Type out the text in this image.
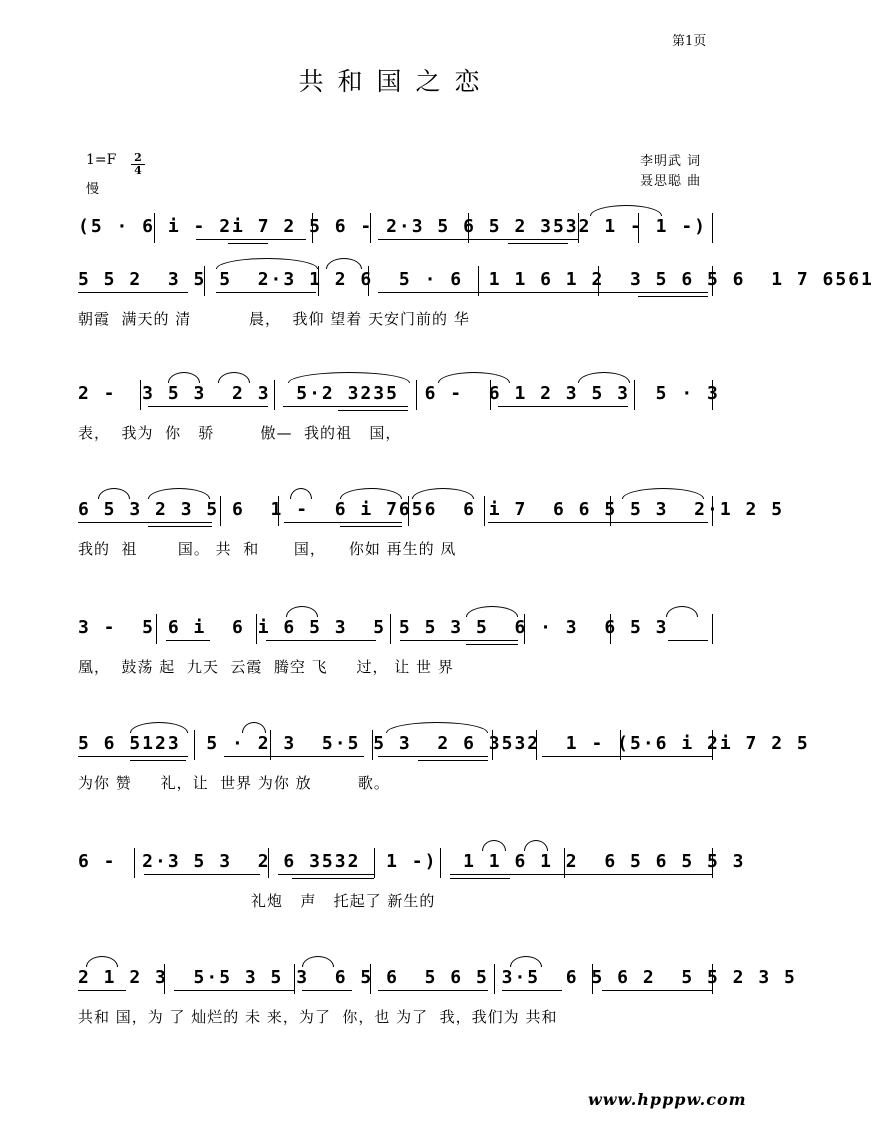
第1页
共和国之恋
$1=F \frac{2}{4}$
慢
李明武 词
聂思聪 曲
(5 · 6 i - 2i 7 2 5 6 - 2·3 5 6 5 2 3532 1 - 1 -)
5 5 2  3 5 5  2·3 1 2 6  5 · 6  1 1 6 1 2  3 5 6 5 6  1 7 6561
朝霞  满天的 清          晨，  我仰 望着 天安门前的 华
2 -  3 5 3  2 3  5·2 3235  6 -  6 1 2 3 5 3  5 · 3
表，  我为  你   骄        傲—  我的祖   国，
6 5 3 2 3 5 6  1 -  6 i 7656  6 i 7  6 6 5 5 3  2·1 2 5
我的  祖       国。 共  和      国，    你如 再生的 凤
3 -  5 6 i  6 i 6 5 3  5 5 5 3 5  6 · 3  6 5 3
凰，  鼓荡 起  九天  云霞  腾空 飞     过， 让 世 界
5 6 5123  5 · 2 3  5·5 5 3  2 6 3532  1 - (5·6 i 2i 7 2 5
为你 赞     礼，让  世界 为你 放        歌。
6 -  2·3 5 3  2 6 3532  1 -)  1 1 6 1 2  6 5 6 5 5 3
礼炮   声   托起了 新生的
2 1 2 3  5·5 3 5 3  6 5 6  5 6 5 3·5  6 5 6 2  5 5 2 3 5
共和 国，为 了 灿烂的 未 来，为了  你，也 为了  我，我们为 共和
www.hpppw.com
